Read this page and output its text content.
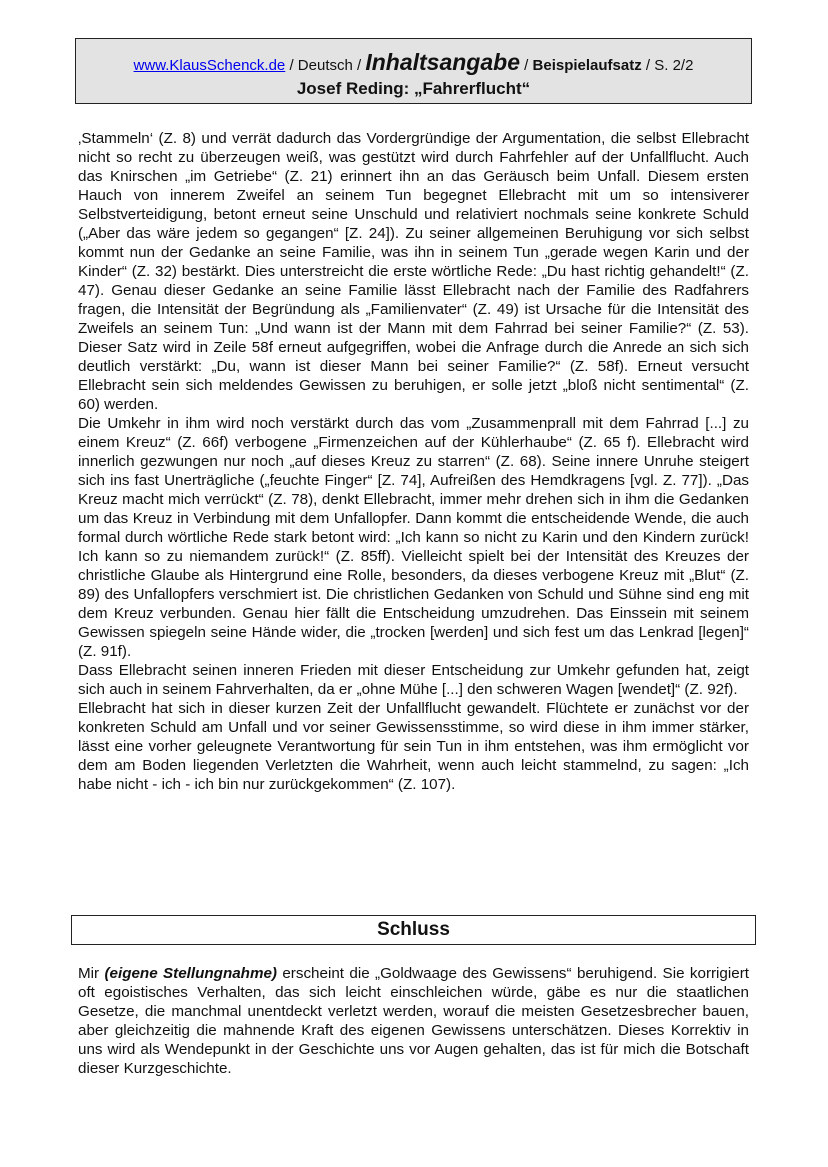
www.KlausSchenck.de / Deutsch / Inhaltsangabe / Beispielaufsatz / S. 2/2
Josef Reding: „Fahrerflucht“

‚Stammeln‘ (Z. 8) und verrät dadurch das Vordergründige der Argumentation, die selbst Ellebracht nicht so recht zu überzeugen weiß, was gestützt wird durch Fahrfehler auf der Unfallflucht. Auch das Knirschen „im Getriebe“ (Z. 21) erinnert ihn an das Geräusch beim Unfall. Diesem ersten Hauch von innerem Zweifel an seinem Tun begegnet Ellebracht mit um so intensiverer Selbstverteidigung, betont erneut seine Unschuld und relativiert nochmals seine konkrete Schuld („Aber das wäre jedem so gegangen“ [Z. 24]). Zu seiner allgemeinen Beruhigung vor sich selbst kommt nun der Gedanke an seine Familie, was ihn in seinem Tun „gerade wegen Karin und der Kinder“ (Z. 32) bestärkt. Dies unterstreicht die erste wörtliche Rede: „Du hast richtig gehandelt!“ (Z. 47). Genau dieser Gedanke an seine Familie lässt Ellebracht nach der Familie des Radfahrers fragen, die Intensität der Begründung als „Familienvater“ (Z. 49) ist Ursache für die Intensität des Zweifels an seinem Tun: „Und wann ist der Mann mit dem Fahrrad bei seiner Familie?“ (Z. 53). Dieser Satz wird in Zeile 58f erneut aufgegriffen, wobei die Anfrage durch die Anrede an sich sich deutlich verstärkt: „Du, wann ist dieser Mann bei seiner Familie?“ (Z. 58f). Erneut versucht Ellebracht sein sich meldendes Gewissen zu beruhigen, er solle jetzt „bloß nicht sentimental“ (Z. 60) werden.

Die Umkehr in ihm wird noch verstärkt durch das vom „Zusammenprall mit dem Fahrrad [...] zu einem Kreuz“ (Z. 66f) verbogene „Firmenzeichen auf der Kühlerhaube“ (Z. 65 f). Ellebracht wird innerlich gezwungen nur noch „auf dieses Kreuz zu starren“ (Z. 68). Seine innere Unruhe steigert sich ins fast Unerträgliche („feuchte Finger“ [Z. 74], Aufreißen des Hemdkragens [vgl. Z. 77]). „Das Kreuz macht mich verrückt“ (Z. 78), denkt Ellebracht, immer mehr drehen sich in ihm die Gedanken um das Kreuz in Verbindung mit dem Unfallopfer. Dann kommt die entscheidende Wende, die auch formal durch wörtliche Rede stark betont wird: „Ich kann so nicht zu Karin und den Kindern zurück! Ich kann so zu niemandem zurück!“ (Z. 85ff). Vielleicht spielt bei der Intensität des Kreuzes der christliche Glaube als Hintergrund eine Rolle, besonders, da dieses verbogene Kreuz mit „Blut“ (Z. 89) des Unfallopfers verschmiert ist. Die christlichen Gedanken von Schuld und Sühne sind eng mit dem Kreuz verbunden. Genau hier fällt die Entscheidung umzudrehen. Das Einssein mit seinem Gewissen spiegeln seine Hände wider, die „trocken [werden] und sich fest um das Lenkrad [legen]“ (Z. 91f).

Dass Ellebracht seinen inneren Frieden mit dieser Entscheidung zur Umkehr gefunden hat, zeigt sich auch in seinem Fahrverhalten, da er „ohne Mühe [...] den schweren Wagen [wendet]“ (Z. 92f).

Ellebracht hat sich in dieser kurzen Zeit der Unfallflucht gewandelt. Flüchtete er zunächst vor der konkreten Schuld am Unfall und vor seiner Gewissensstimme, so wird diese in ihm immer stärker, lässt eine vorher geleugnete Verantwortung für sein Tun in ihm entstehen, was ihm ermöglicht vor dem am Boden liegenden Verletzten die Wahrheit, wenn auch leicht stammelnd, zu sagen: „Ich habe nicht - ich - ich bin nur zurückgekommen“ (Z. 107).

Schluss

Mir (eigene Stellungnahme) erscheint die „Goldwaage des Gewissens“ beruhigend. Sie korrigiert oft egoistisches Verhalten, das sich leicht einschleichen würde, gäbe es nur die staatlichen Gesetze, die manchmal unentdeckt verletzt werden, worauf die meisten Gesetzesbrecher bauen, aber gleichzeitig die mahnende Kraft des eigenen Gewissens unterschätzen. Dieses Korrektiv in uns wird als Wendepunkt in der Geschichte uns vor Augen gehalten, das ist für mich die Botschaft dieser Kurzgeschichte.
